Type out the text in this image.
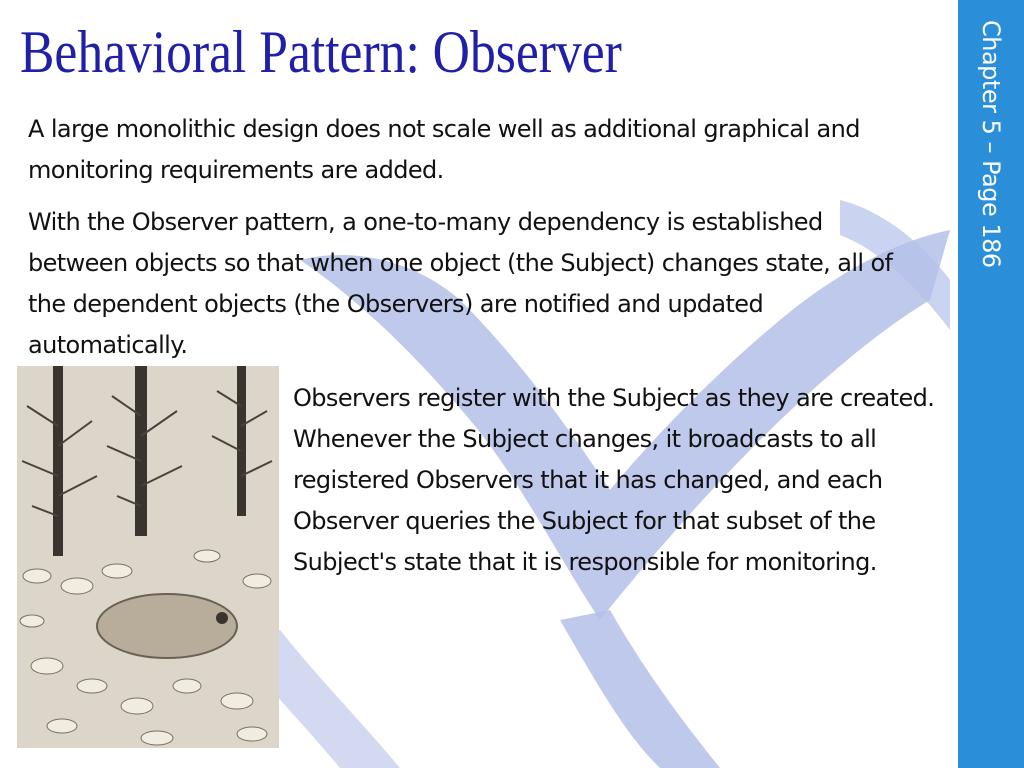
Behavioral Pattern: Observer
A large monolithic design does not scale well as additional graphical and monitoring requirements are added.
With the Observer pattern, a one-to-many dependency is established between objects so that when one object (the Subject) changes state, all of the dependent objects (the Observers) are notified and updated automatically.
Observers register with the Subject as they are created. Whenever the Subject changes, it broadcasts to all registered Observers that it has changed, and each Observer queries the Subject for that subset of the Subject's state that it is responsible for monitoring.
Chapter 5 – Page 186
